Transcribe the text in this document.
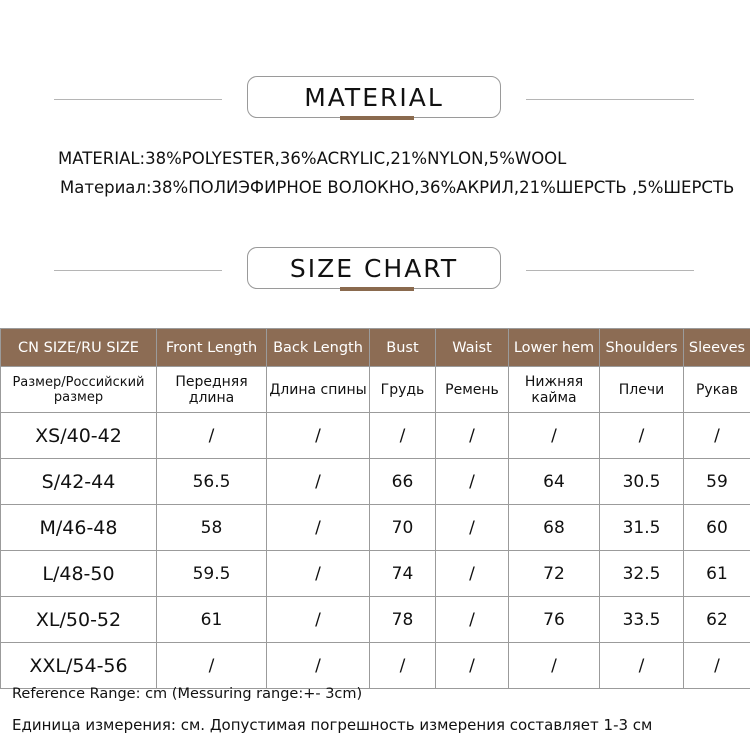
MATERIAL
MATERIAL: 38%POLYESTER,36%ACRYLIC,21%NYLON,5%WOOL
Материал: 38%ПОЛИЭФИРНОЕ ВОЛОКНО,36%АКРИЛ,21%ШЕРСТЬ ,5%ШЕРСТЬ
SIZE CHART
CN SIZE/RU SIZE	Front Length	Back Length	Bust	Waist	Lower hem	Shoulders	Sleeves
Размер/Российский размер	Передняя длина	Длина спины	Грудь	Ремень	Нижняя кайма	Плечи	Рукав
XS/40-42	/	/	/	/	/	/	/
S/42-44	56.5	/	66	/	64	30.5	59
M/46-48	58	/	70	/	68	31.5	60
L/48-50	59.5	/	74	/	72	32.5	61
XL/50-52	61	/	78	/	76	33.5	62
XXL/54-56	/	/	/	/	/	/	/
Reference Range: cm (Messuring range:+- 3cm)
Единица измерения: см. Допустимая погрешность измерения составляет 1-3 см
